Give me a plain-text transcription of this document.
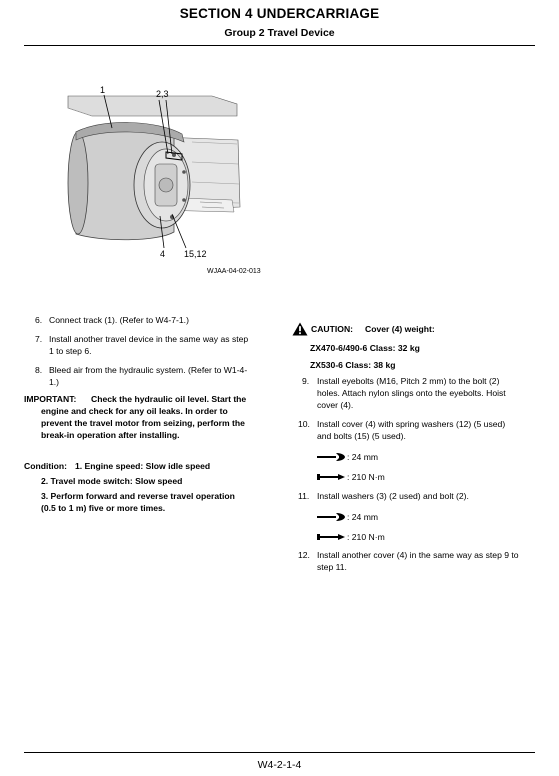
SECTION 4 UNDERCARRIAGE
Group 2 Travel Device
1	2,3
4 15,12
WJAA-04-02-013
6. Connect track (1). (Refer to W4-7-1.)
7. Install another travel device in the same way as step
1 to step 6.
8. Bleed air from the hydraulic system. (Refer to W1-4-
1.)
IMPORTANT: Check the hydraulic oil level. Start the
engine and check for any oil leaks. In order to
prevent the travel motor from seizing, perform the
break-in operation after installing.
Condition: 1. Engine speed: Slow idle speed
2. Travel mode switch: Slow speed
3. Perform forward and reverse travel operation
(0.5 to 1 m) five or more times.
CAUTION: Cover (4) weight:
ZX470-6/490-6 Class: 32 kg
ZX530-6 Class: 38 kg
9. Install eyebolts (M16, Pitch 2 mm) to the bolt (2)
holes. Attach nylon slings onto the eyebolts. Hoist
cover (4).
10. Install cover (4) with spring washers (12) (5 used)
and bolts (15) (5 used).
: 24 mm
: 210 N·m
11. Install washers (3) (2 used) and bolt (2).
: 24 mm
: 210 N·m
12. Install another cover (4) in the same way as step 9 to
step 11.
W4-2-1-4
